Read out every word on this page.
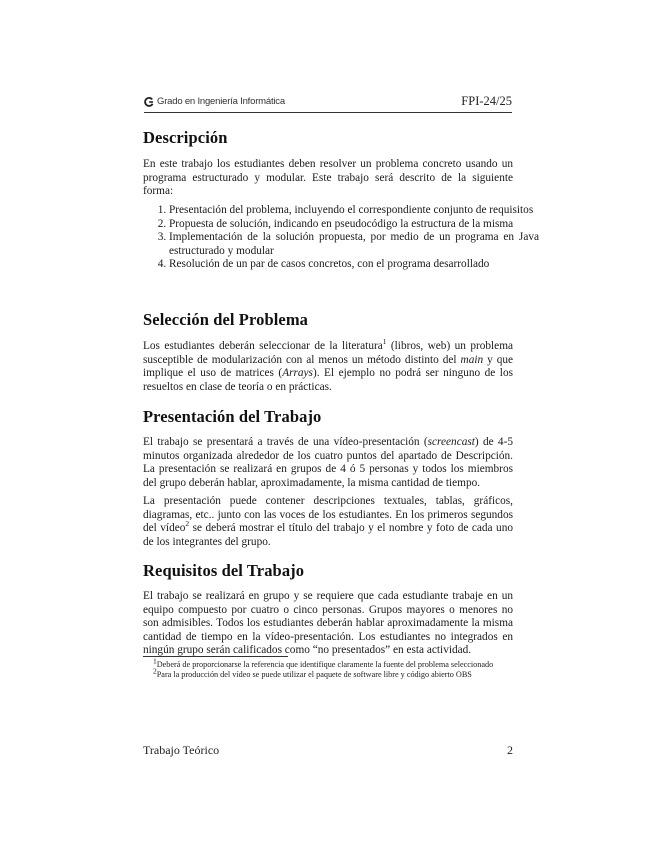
Grado en Ingeniería Informática	FPI-24/25
Descripción

En este trabajo los estudiantes deben resolver un problema concreto usando un programa estructurado y modular. Este trabajo será descrito de la siguiente forma:

1. Presentación del problema, incluyendo el correspondiente conjunto de requisitos
2. Propuesta de solución, indicando en pseudocódigo la estructura de la misma
3. Implementación de la solución propuesta, por medio de un programa en Java estructurado y modular
4. Resolución de un par de casos concretos, con el programa desarrollado
Selección del Problema

Los estudiantes deberán seleccionar de la literatura$^1$ (libros, web) un problema susceptible de modularización con al menos un método distinto del main y que implique el uso de matrices (Arrays). El ejemplo no podrá ser ninguno de los resueltos en clase de teoría o en prácticas.

Presentación del Trabajo

El trabajo se presentará a través de una vídeo-presentación (screencast) de 4-5 minutos organizada alrededor de los cuatro puntos del apartado de Descripción. La presentación se realizará en grupos de 4 ó 5 personas y todos los miembros del grupo deberán hablar, aproximadamente, la misma cantidad de tiempo.

La presentación puede contener descripciones textuales, tablas, gráficos, diagramas, etc.. junto con las voces de los estudiantes. En los primeros segundos del vídeo$^2$ se deberá mostrar el título del trabajo y el nombre y foto de cada uno de los integrantes del grupo.

Requisitos del Trabajo

El trabajo se realizará en grupo y se requiere que cada estudiante trabaje en un equipo compuesto por cuatro o cinco personas. Grupos mayores o menores no son admisibles. Todos los estudiantes deberán hablar aproximadamente la misma cantidad de tiempo en la vídeo-presentación. Los estudiantes no integrados en ningún grupo serán calificados como “no presentados” en esta actividad.

$^1$Deberá de proporcionarse la referencia que identifique claramente la fuente del problema seleccionado

$^2$Para la producción del vídeo se puede utilizar el paquete de software libre y código abierto OBS

Trabajo Teórico	2
